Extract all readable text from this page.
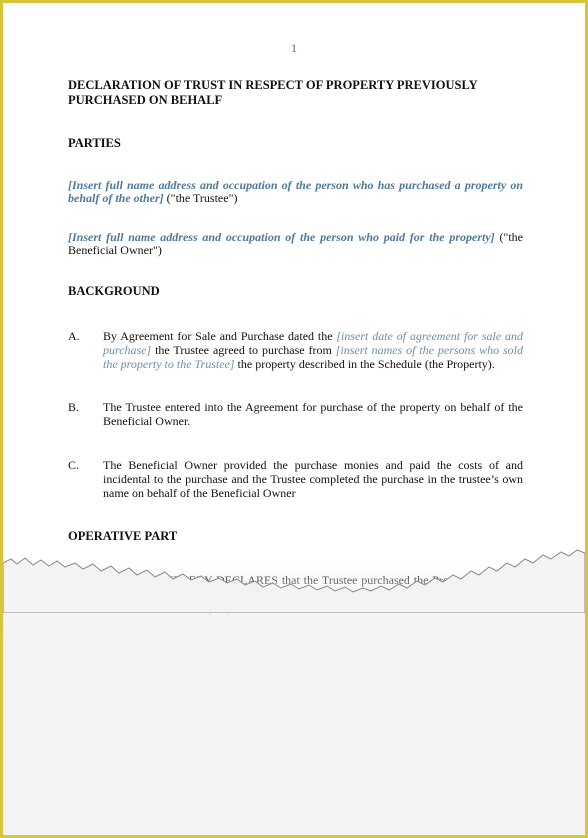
1
DECLARATION OF TRUST IN RESPECT OF PROPERTY PREVIOUSLY PURCHASED ON BEHALF
PARTIES
[Insert full name address and occupation of the person who has purchased a property on behalf of the other] ("the Trustee")
[Insert full name address and occupation of the person who paid for the property] ("the Beneficial Owner")
BACKGROUND
A.	By Agreement for Sale and Purchase dated the [insert date of agreement for sale and purchase] the Trustee agreed to purchase from [insert names of the persons who sold the property to the Trustee] the property described in the Schedule (the Property).
B.	The Trustee entered into the Agreement for purchase of the property on behalf of the Beneficial Owner.
C.	The Beneficial Owner provided the purchase monies and paid the costs of and incidental to the purchase and the Trustee completed the purchase in the trustee’s own name on behalf of the Beneficial Owner
OPERATIVE PART
